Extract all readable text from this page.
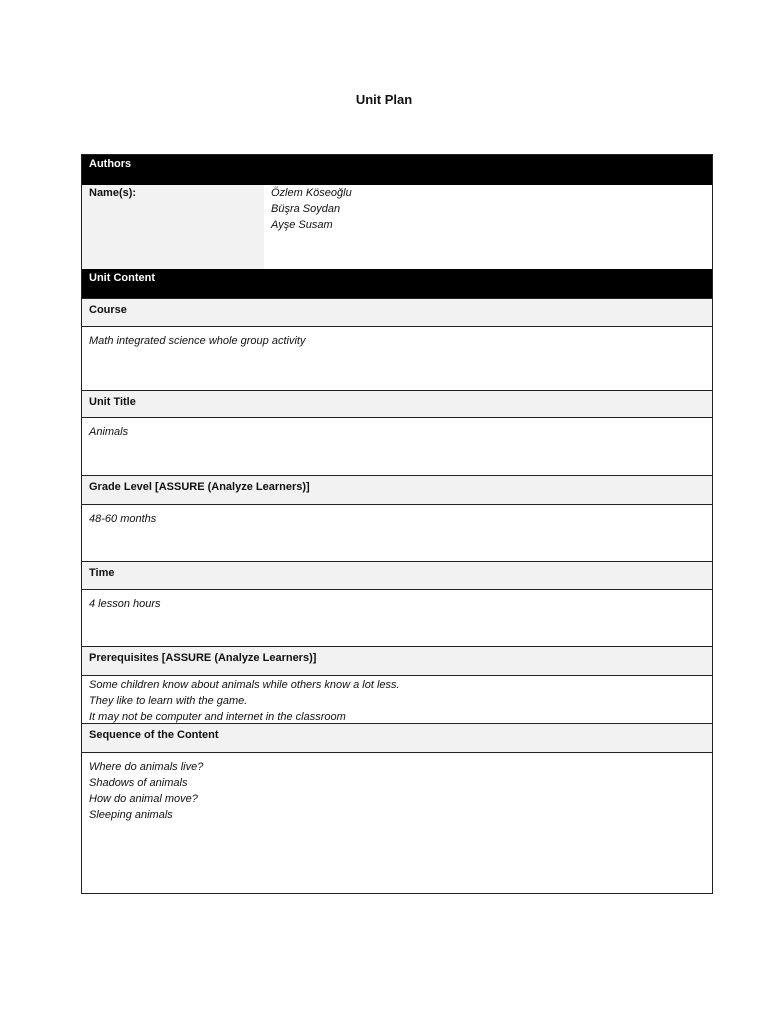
Unit Plan
Authors
Name(s):	Özlem Köseoğlu
Büşra Soydan
Ayşe Susam
Unit Content
Course
Math integrated science whole group activity
Unit Title
Animals
Grade Level [ASSURE (Analyze Learners)]
48-60 months
Time
4 lesson hours
Prerequisites [ASSURE (Analyze Learners)]
Some children know about animals while others know a lot less.
They like to learn with the game.
It may not be computer and internet in the classroom
Sequence of the Content
Where do animals live?
Shadows of animals
How do animal move?
Sleeping animals
